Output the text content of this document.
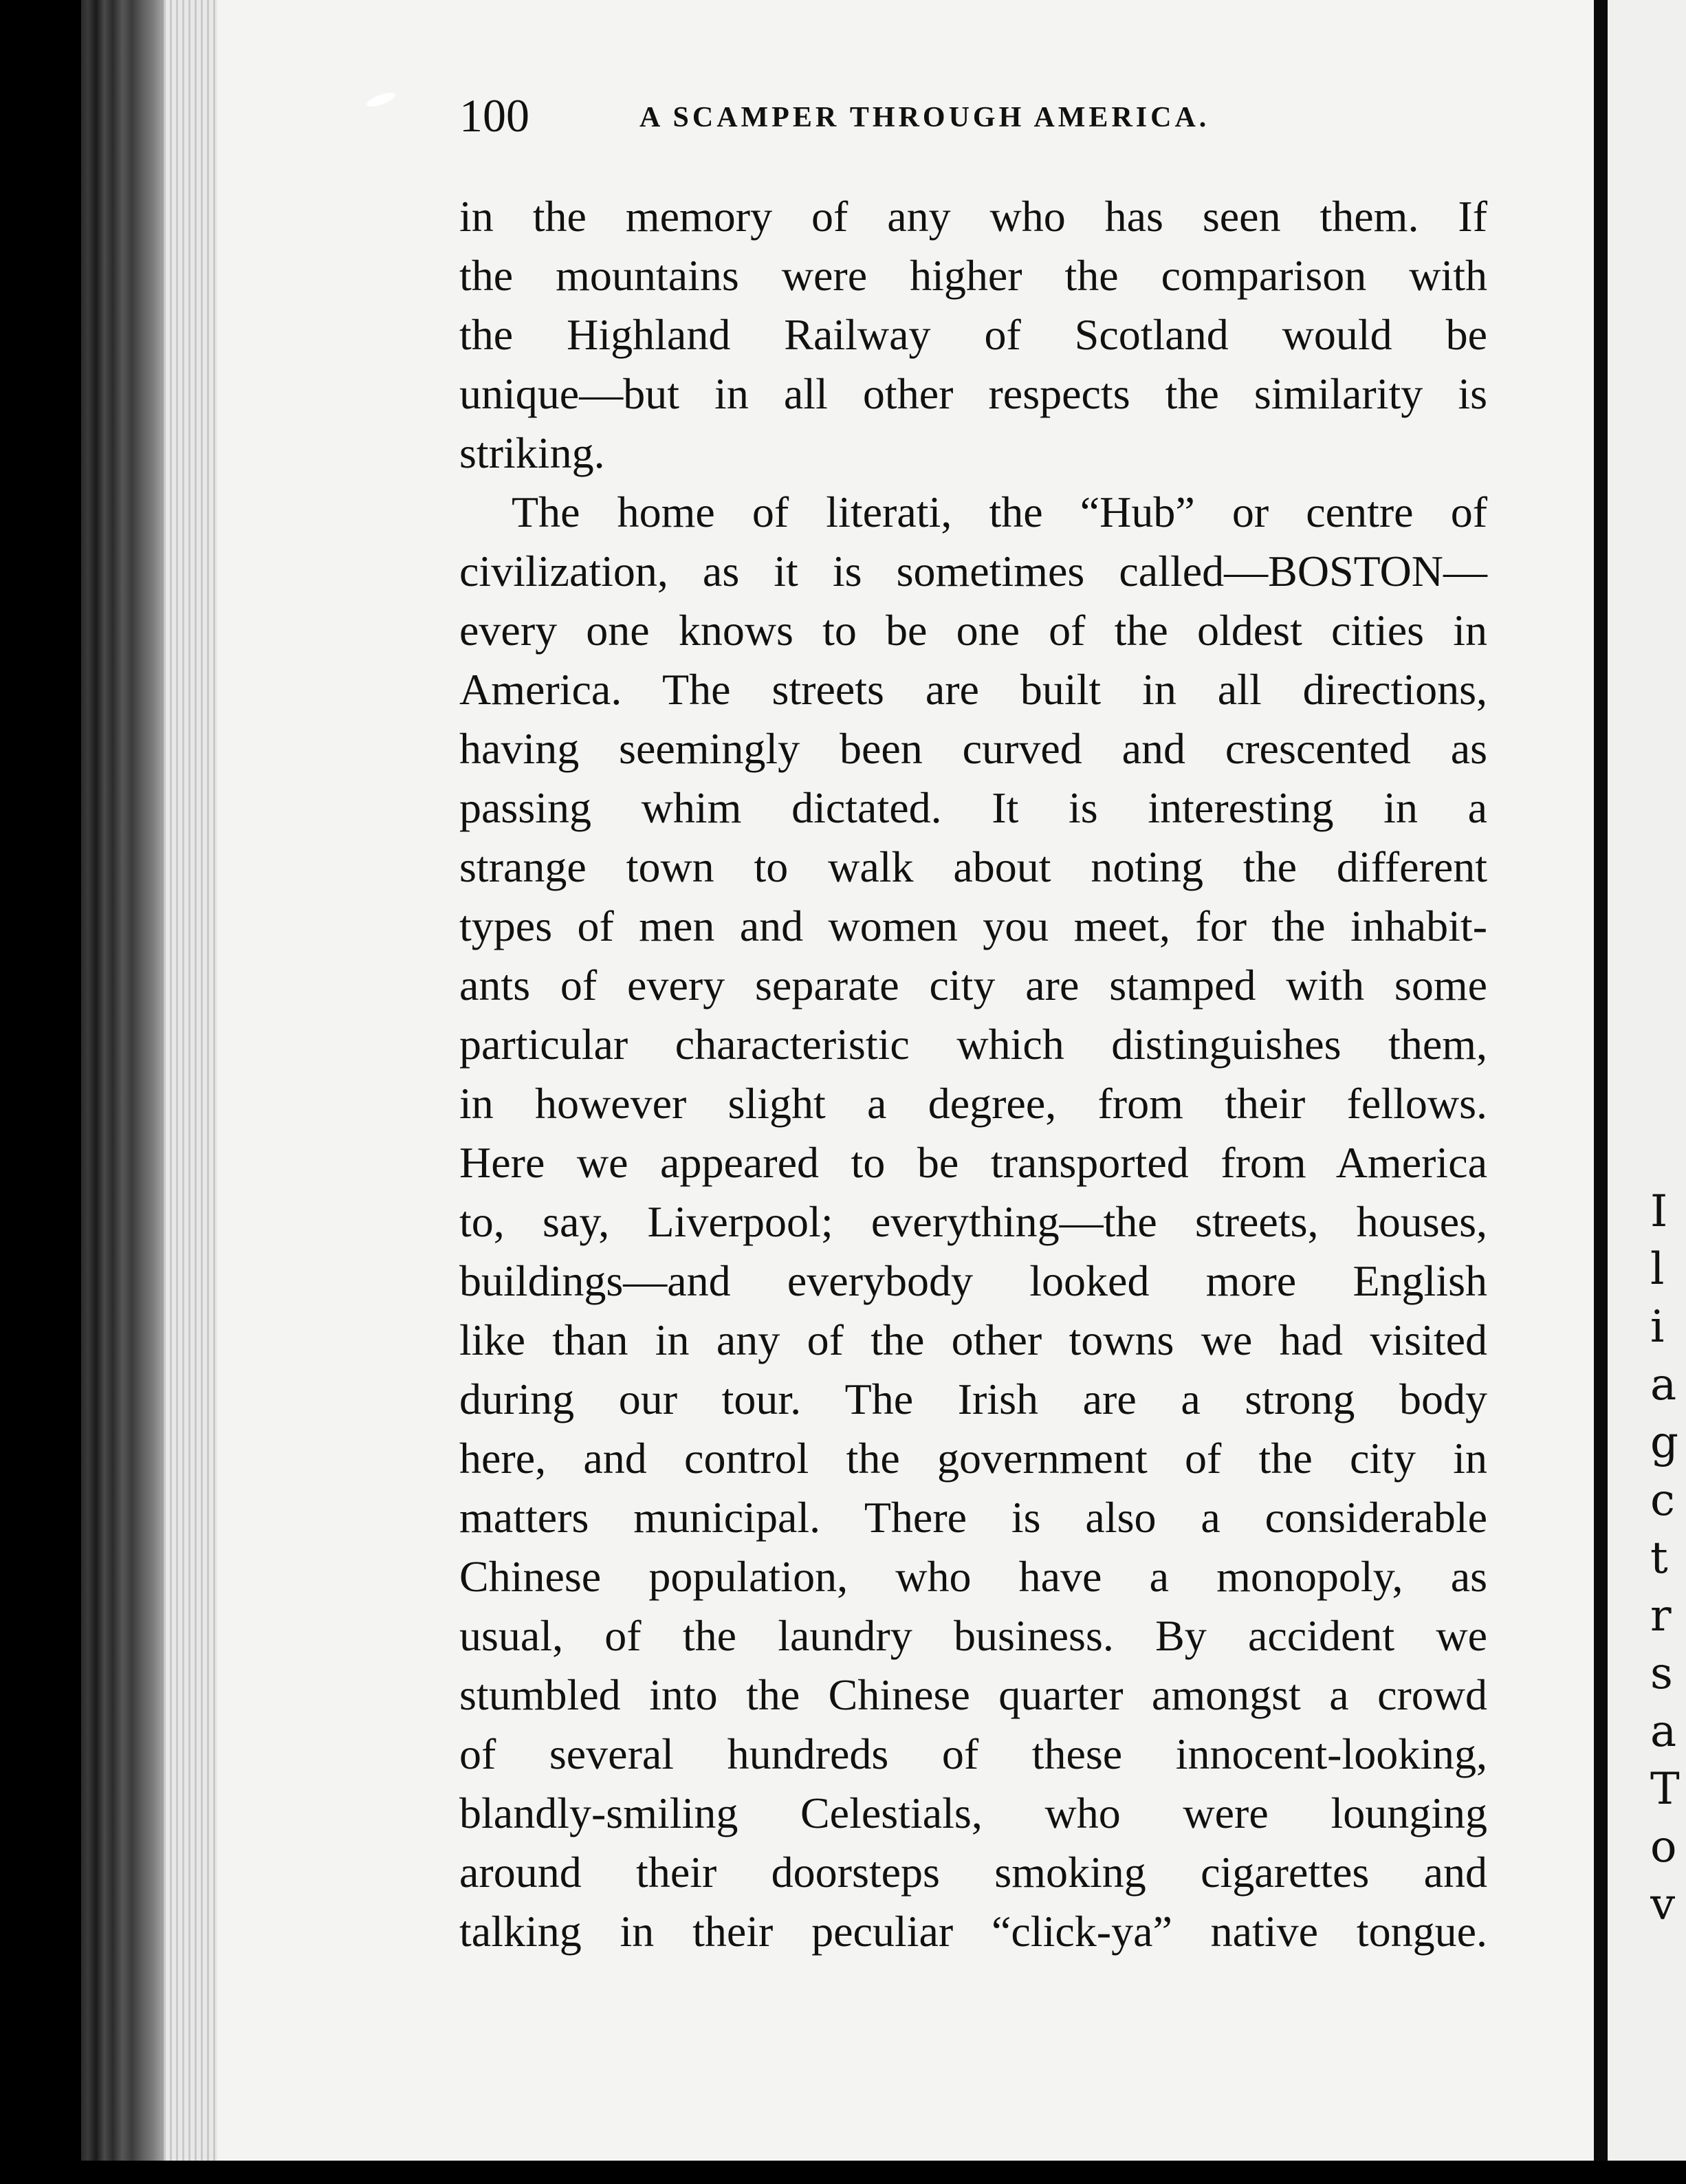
100	A SCAMPER THROUGH AMERICA.
in the memory of any who has seen them. If
the mountains were higher the comparison with
the Highland Railway of Scotland would be
unique—but in all other respects the similarity is
striking.
The home of literati, the “Hub” or centre of
civilization, as it is sometimes called—BOSTON—
every one knows to be one of the oldest cities in
America. The streets are built in all directions,
having seemingly been curved and crescented as
passing whim dictated. It is interesting in a
strange town to walk about noting the different
types of men and women you meet, for the inhabit-
ants of every separate city are stamped with some
particular characteristic which distinguishes them,
in however slight a degree, from their fellows.
Here we appeared to be transported from America
to, say, Liverpool; everything—the streets, houses,
buildings—and everybody looked more English
like than in any of the other towns we had visited
during our tour. The Irish are a strong body
here, and control the government of the city in
matters municipal. There is also a considerable
Chinese population, who have a monopoly, as
usual, of the laundry business. By accident we
stumbled into the Chinese quarter amongst a crowd
of several hundreds of these innocent-looking,
blandly-smiling Celestials, who were lounging
around their doorsteps smoking cigarettes and
talking in their peculiar “click-ya” native tongue.
I
l
i
a
g
c
t
r
s
a
T
o
v
